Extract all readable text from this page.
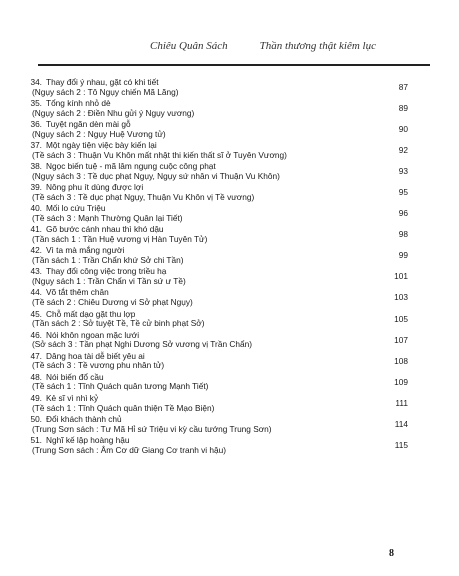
Chiêu Quân Sách	Thần thương thật kiêm lục
34. Thay đổi ý nhau, gặt có khi tiết
(Ngụy sách 2 : Tô Ngụy chiến Mã Lăng)	87
35. Tổng kính nhỏ dè
(Ngụy sách 2 : Điền Nhu gửi ý Ngụy vương)	89
36. Tuyệt ngăn dèn mài gỗ
(Ngụy sách 2 : Ngụy Huệ Vương tử)	90
37. Một ngày tiện việc bày kiến lại
(Tề sách 3 : Thuận Vu Khôn mất nhật thi kiến thất sĩ ở Tuyên Vương)	92
38. Ngọc biến tuệ - mã lâm ngụng cuộc công phạt
(Ngụy sách 3 : Tề dục phạt Ngụy, Ngụy sứ nhân vi Thuận Vu Khôn)	93
39. Nông phu ít dùng được lợi
(Tề sách 3 : Tề dục phạt Ngụy, Thuận Vu Khôn vị Tề vương)	95
40. Mối lo cứu Triệu
(Tề sách 3 : Mạnh Thường Quân lại Tiết)	96
41. Gõ bước cánh nhau thì khó dậu
(Tần sách 1 : Tần Huệ vương vị Hàn Tuyên Tử)	98
42. Vì ta mà mắng người
(Tần sách 1 : Trần Chẩn khứ Sở chi Tần)	99
43. Thay đổi công việc trong triều hạ
(Ngụy sách 1 : Trần Chẩn vi Tần sứ ư Tề)	101
44. Võ tắt thêm chân
(Tề sách 2 : Chiêu Dương vi Sở phạt Ngụy)	103
45. Chỗ mất dạo gặt thu lợp
(Tần sách 2 : Sở tuyệt Tề, Tề cử binh phạt Sở)	105
46. Nói khôn ngoan mặc lưới
(Sở sách 3 : Tần phạt Nghi Dương Sở vương vị Trần Chẩn)	107
47. Dâng hoa tài dễ biết yêu ai
(Tề sách 3 : Tề vương phu nhân tử)	108
48. Nói biến đổ cầu
(Tề sách 1 : Tĩnh Quách quân tương Mạnh Tiết)	109
49. Kẻ sĩ vì nhì kỷ
(Tề sách 1 : Tĩnh Quách quân thiện Tề Mạo Biện)	111
50. Đổi khách thành chủ
(Trung Sơn sách : Tư Mã Hỉ sứ Triệu vi kỳ cầu tướng Trung Sơn)	114
51. Nghĩ kế lập hoàng hậu
(Trung Sơn sách : Âm Cơ dữ Giang Cơ tranh vi hậu)	115
8
